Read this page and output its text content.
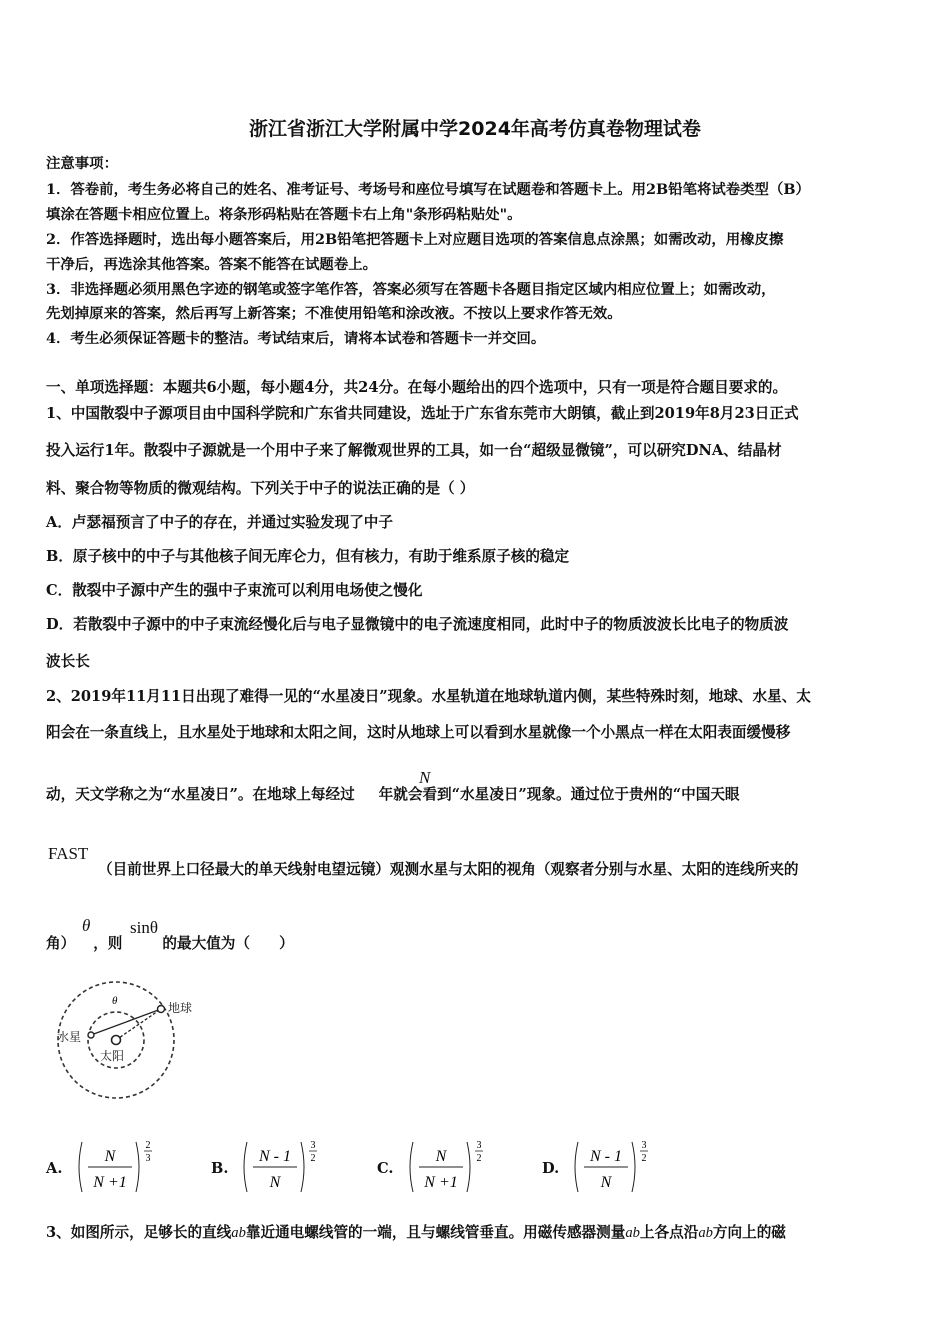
浙江省浙江大学附属中学2024年高考仿真卷物理试卷
注意事项：
1．答卷前，考生务必将自己的姓名、准考证号、考场号和座位号填写在试题卷和答题卡上。用2B铅笔将试卷类型（B）
填涂在答题卡相应位置上。将条形码粘贴在答题卡右上角"条形码粘贴处"。
2．作答选择题时，选出每小题答案后，用2B铅笔把答题卡上对应题目选项的答案信息点涂黑；如需改动，用橡皮擦
干净后，再选涂其他答案。答案不能答在试题卷上。
3．非选择题必须用黑色字迹的钢笔或签字笔作答，答案必须写在答题卡各题目指定区域内相应位置上；如需改动，
先划掉原来的答案，然后再写上新答案；不准使用铅笔和涂改液。不按以上要求作答无效。
4．考生必须保证答题卡的整洁。考试结束后，请将本试卷和答题卡一并交回。
一、单项选择题：本题共6小题，每小题4分，共24分。在每小题给出的四个选项中，只有一项是符合题目要求的。
1、中国散裂中子源项目由中国科学院和广东省共同建设，选址于广东省东莞市大朗镇，截止到2019年8月23日正式
投入运行1年。散裂中子源就是一个用中子来了解微观世界的工具，如一台“超级显微镜”，可以研究DNA、结晶材
料、聚合物等物质的微观结构。下列关于中子的说法正确的是（ ）
A．卢瑟福预言了中子的存在，并通过实验发现了中子
B．原子核中的中子与其他核子间无库仑力，但有核力，有助于维系原子核的稳定
C．散裂中子源中产生的强中子束流可以利用电场使之慢化
D．若散裂中子源中的中子束流经慢化后与电子显微镜中的电子流速度相同，此时中子的物质波波长比电子的物质波
波长长
2、2019年11月11日出现了难得一见的“水星凌日”现象。水星轨道在地球轨道内侧，某些特殊时刻，地球、水星、太
阳会在一条直线上，且水星处于地球和太阳之间，这时从地球上可以看到水星就像一个小黑点一样在太阳表面缓慢移
动，天文学称之为“水星凌日”。在地球上每经过 年就会看到“水星凌日”现象。通过位于贵州的“中国天眼
N
FAST
（目前世界上口径最大的单天线射电望远镜）观测水星与太阳的视角（观察者分别与水星、太阳的连线所夹的
角） ，则	的最大值为（　　）
θ sinθ
θ	地球
水星
太阳
A.
N
N +1
2
3
B.
N - 1
N
3
2
C.
N
N +1
3
2
D.
N - 1
N
3
2
3、如图所示，足够长的直线ab靠近通电螺线管的一端，且与螺线管垂直。用磁传感器测量ab上各点沿ab方向上的磁
